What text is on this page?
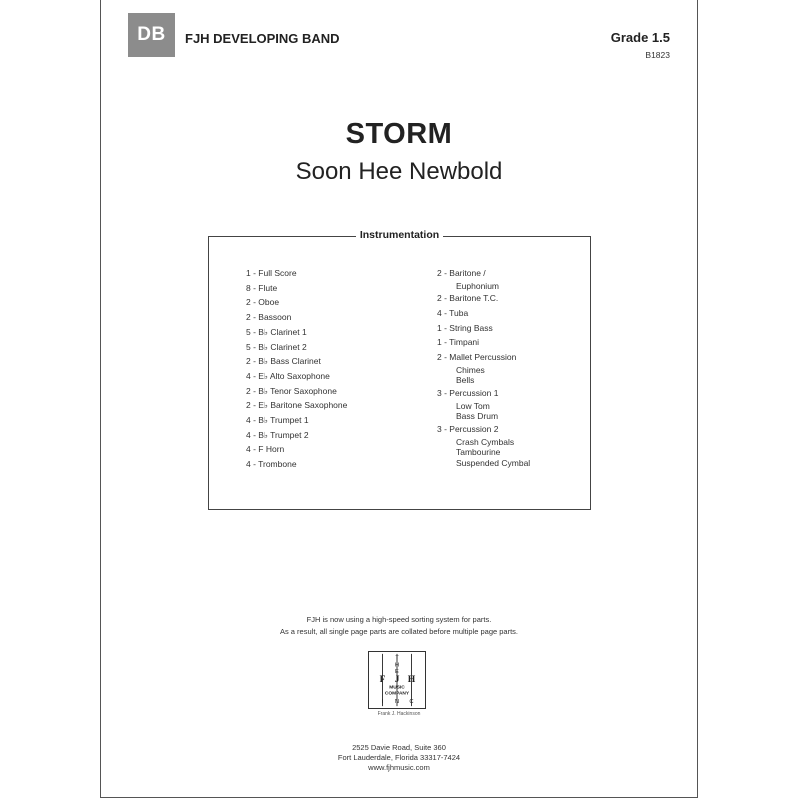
DB	FJH DEVELOPING BAND	Grade 1.5
B1823
STORM
Soon Hee Newbold
Instrumentation
1 - Full Score
8 - Flute
2 - Oboe
2 - Bassoon
5 - B♭ Clarinet 1
5 - B♭ Clarinet 2
2 - B♭ Bass Clarinet
4 - E♭ Alto Saxophone
2 - B♭ Tenor Saxophone
2 - E♭ Baritone Saxophone
4 - B♭ Trumpet 1
4 - B♭ Trumpet 2
4 - F Horn
4 - Trombone
2 - Baritone /
Euphonium
2 - Baritone T.C.
4 - Tuba
1 - String Bass
1 - Timpani
2 - Mallet Percussion
Chimes
Bells
3 - Percussion 1
Low Tom
Bass Drum
3 - Percussion 2
Crash Cymbals
Tambourine
Suspended Cymbal
FJH is now using a high-speed sorting system for parts.
As a result, all single page parts are collated before multiple page parts.
T
H
E
F J H
MUSIC
COMPANY
I N C
Frank J. Hackinson
2525 Davie Road, Suite 360
Fort Lauderdale, Florida 33317-7424
www.fjhmusic.com
